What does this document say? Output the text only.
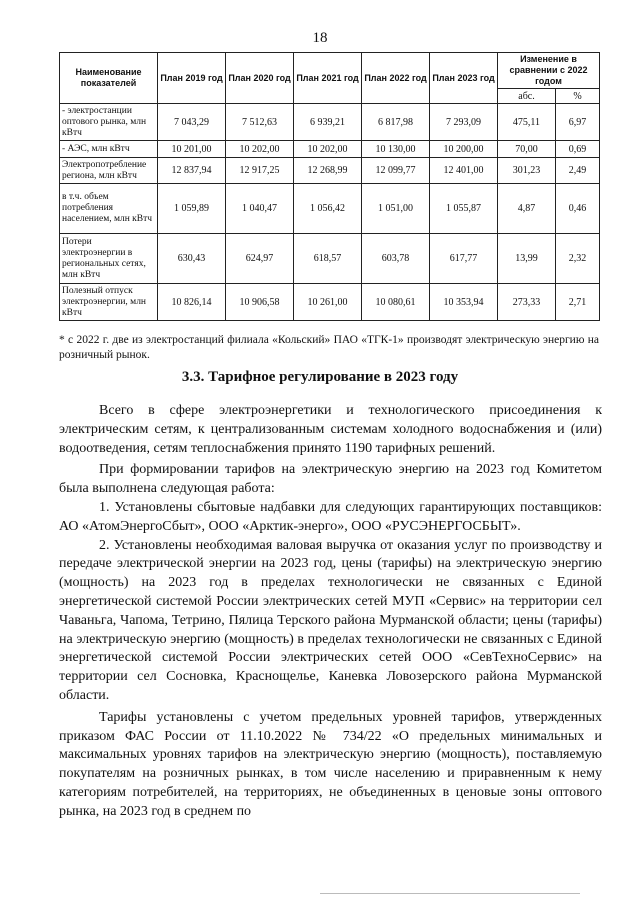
18
Наименование показателей	План 2019 год	План 2020 год	План 2021 год	План 2022 год	План 2023 год	Изменение в сравнении с 2022 годом	
						абс.	%
- электростанции оптового рынка, млн кВтч	7 043,29	7 512,63	6 939,21	6 817,98	7 293,09	475,11	6,97
- АЭС, млн кВтч	10 201,00	10 202,00	10 202,00	10 130,00	10 200,00	70,00	0,69
Электропотребление региона, млн кВтч	12 837,94	12 917,25	12 268,99	12 099,77	12 401,00	301,23	2,49
в т.ч. объем потребления населением, млн кВтч	1 059,89	1 040,47	1 056,42	1 051,00	1 055,87	4,87	0,46
Потери электроэнергии в региональных сетях, млн кВтч	630,43	624,97	618,57	603,78	617,77	13,99	2,32
Полезный отпуск электроэнергии, млн кВтч	10 826,14	10 906,58	10 261,00	10 080,61	10 353,94	273,33	2,71
* с 2022 г. две из электростанций филиала «Кольский» ПАО «ТГК-1» производят электрическую энергию на розничный рынок.
3.3. Тарифное регулирование в 2023 году

Всего в сфере электроэнергетики и технологического присоединения к электрическим сетям, к централизованным системам холодного водоснабжения и (или) водоотведения, сетям теплоснабжения принято 1190 тарифных решений.

При формировании тарифов на электрическую энергию на 2023 год Комитетом была выполнена следующая работа:

1. Установлены сбытовые надбавки для следующих гарантирующих поставщиков: АО «АтомЭнергоСбыт», ООО «Арктик-энерго», ООО «РУСЭНЕРГОСБЫТ».

2. Установлены необходимая валовая выручка от оказания услуг по производству и передаче электрической энергии на 2023 год, цены (тарифы) на электрическую энергию (мощность) на 2023 год в пределах технологически не связанных с Единой энергетической системой России электрических сетей МУП «Сервис» на территории сел Чаваньга, Чапома, Тетрино, Пялица Терского района Мурманской области; цены (тарифы) на электрическую энергию (мощность) в пределах технологически не связанных с Единой энергетической системой России электрических сетей ООО «СевТехноСервис» на территории сел Сосновка, Краснощелье, Каневка Ловозерского района Мурманской области.

Тарифы установлены с учетом предельных уровней тарифов, утвержденных приказом ФАС России от 11.10.2022 № 734/22 «О предельных минимальных и максимальных уровнях тарифов на электрическую энергию (мощность), поставляемую покупателям на розничных рынках, в том числе населению и приравненным к нему категориям потребителей, на территориях, не объединенных в ценовые зоны оптового рынка, на 2023 год в среднем по
